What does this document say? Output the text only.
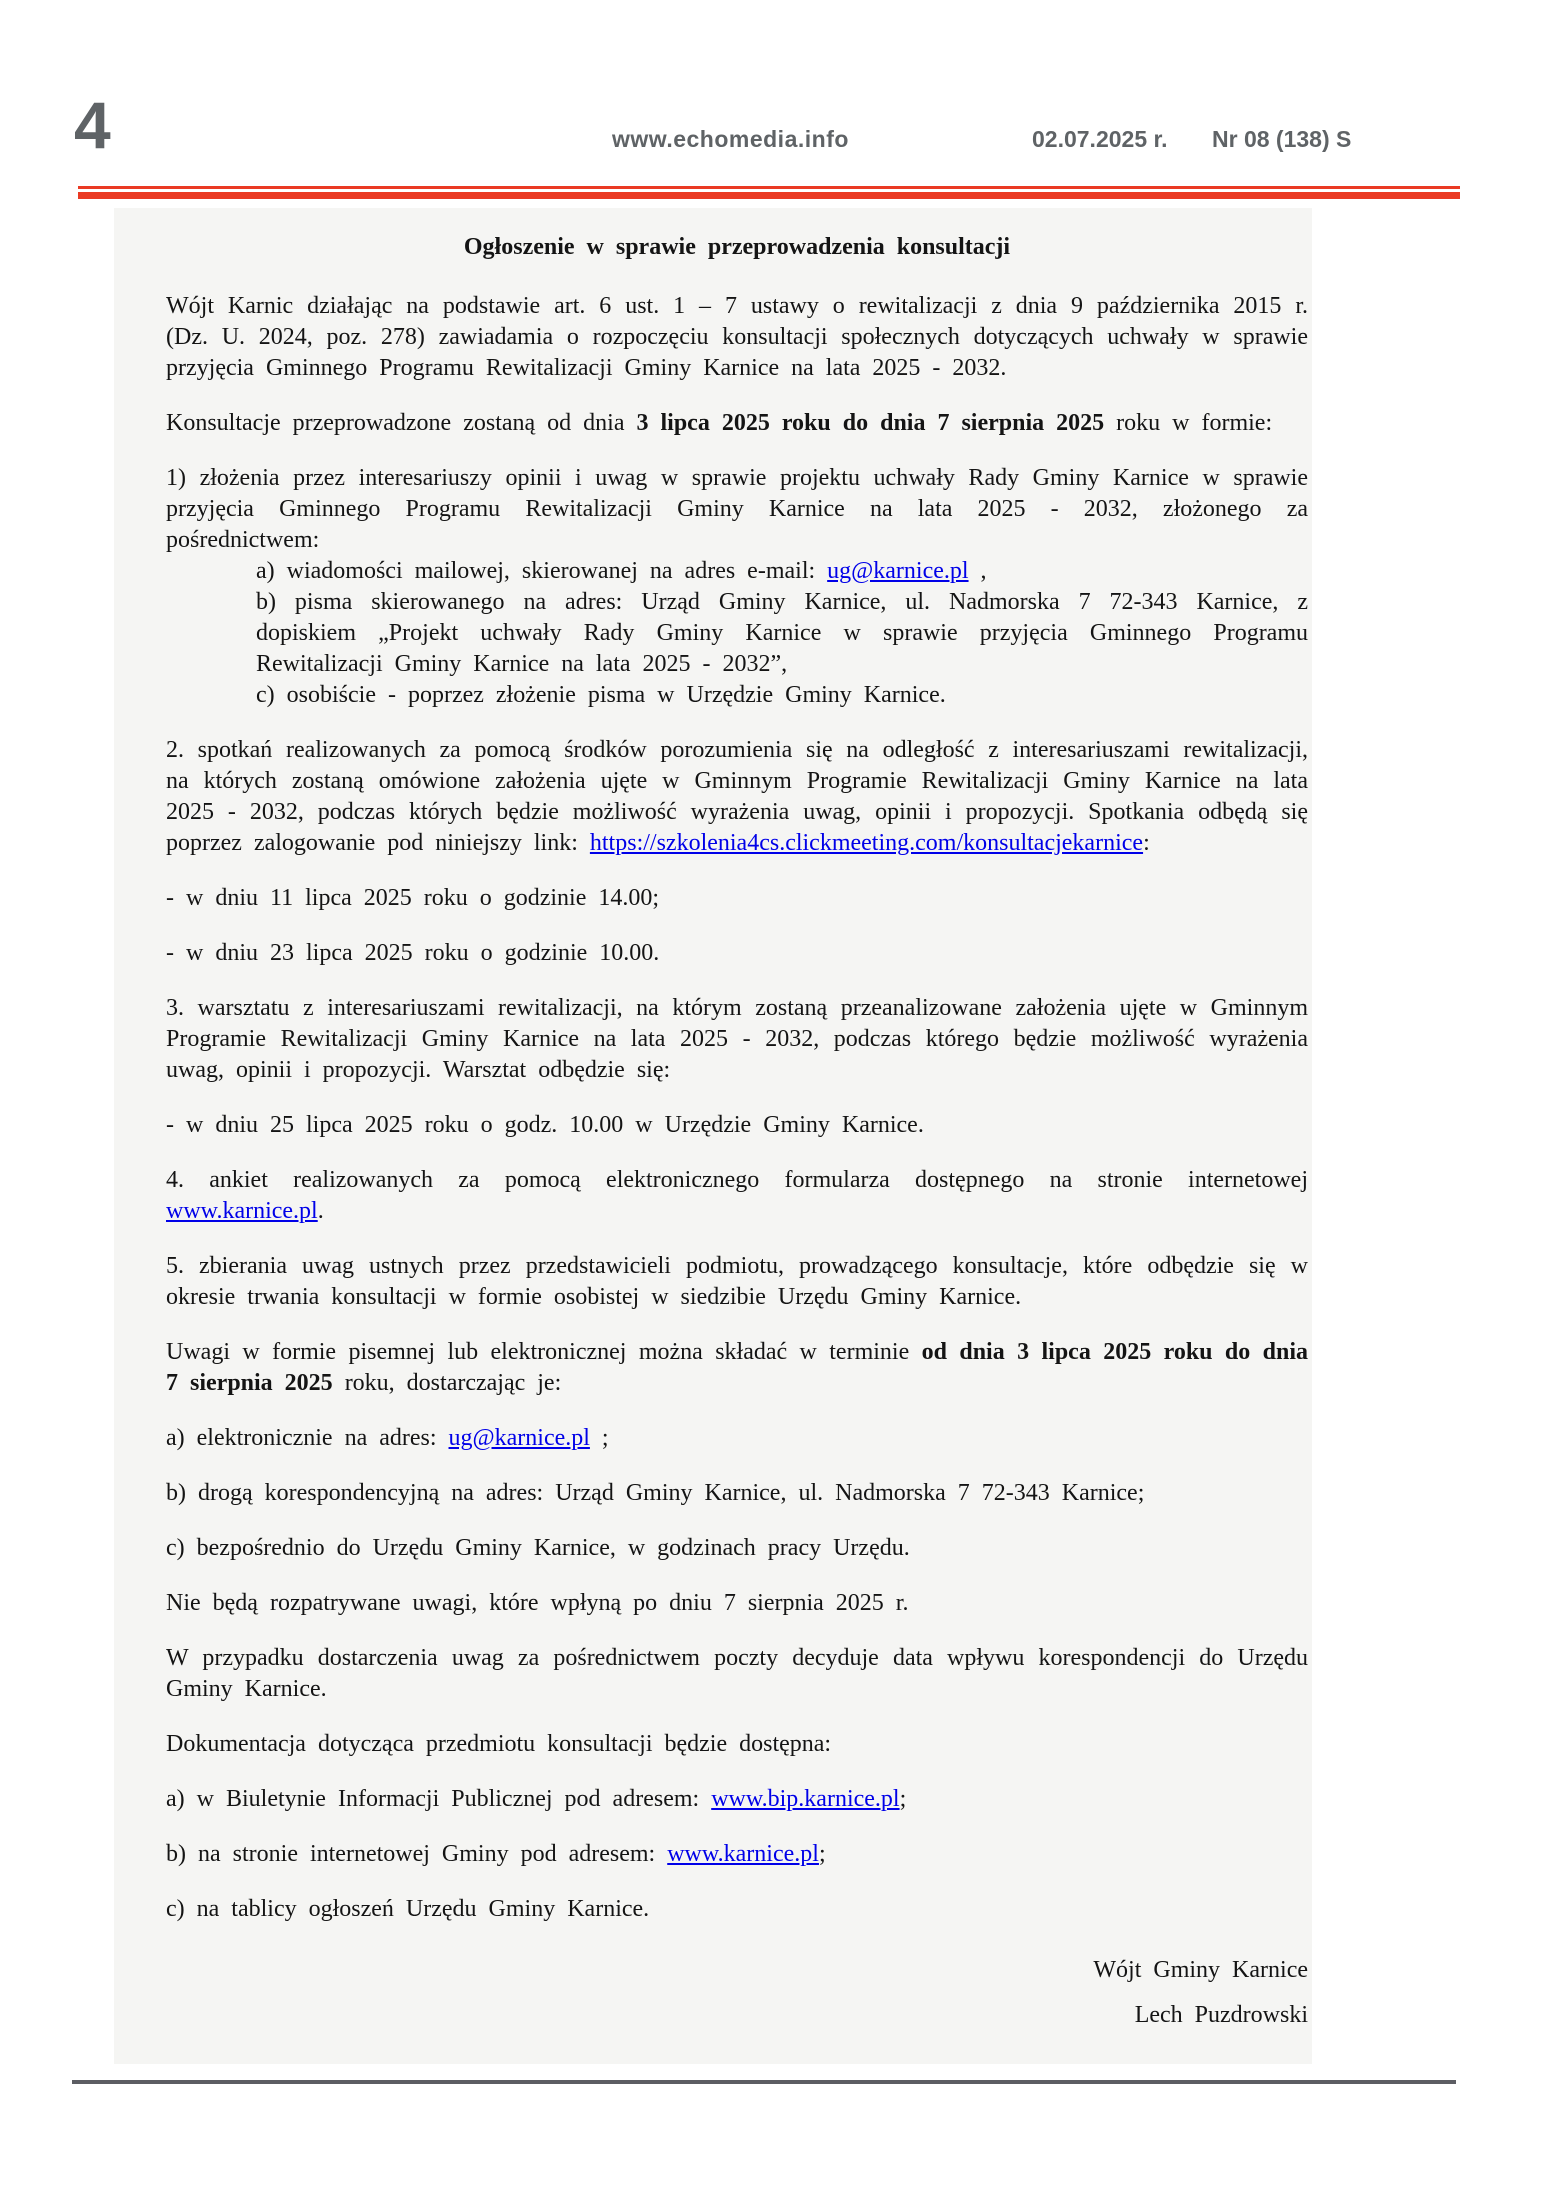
4	www.echomedia.info	02.07.2025 r. Nr 08 (138) S

Ogłoszenie w sprawie przeprowadzenia konsultacji

Wójt Karnic działając na podstawie art. 6 ust. 1 – 7 ustawy o rewitalizacji z dnia 9 października 2015 r. (Dz. U. 2024, poz. 278) zawiadamia o rozpoczęciu konsultacji społecznych dotyczących uchwały w sprawie przyjęcia Gminnego Programu Rewitalizacji Gminy Karnice na lata 2025 - 2032.

Konsultacje przeprowadzone zostaną od dnia 3 lipca 2025 roku do dnia 7 sierpnia 2025 roku w formie:

1) złożenia przez interesariuszy opinii i uwag w sprawie projektu uchwały Rady Gminy Karnice w sprawie przyjęcia Gminnego Programu Rewitalizacji Gminy Karnice na lata 2025 - 2032, złożonego za pośrednictwem:

a) wiadomości mailowej, skierowanej na adres e-mail: ug@karnice.pl ,

b) pisma skierowanego na adres: Urząd Gminy Karnice, ul. Nadmorska 7 72-343 Karnice, z dopiskiem „Projekt uchwały Rady Gminy Karnice w sprawie przyjęcia Gminnego Programu Rewitalizacji Gminy Karnice na lata 2025 - 2032”,

c) osobiście - poprzez złożenie pisma w Urzędzie Gminy Karnice.

2. spotkań realizowanych za pomocą środków porozumienia się na odległość z interesariuszami rewitalizacji, na których zostaną omówione założenia ujęte w Gminnym Programie Rewitalizacji Gminy Karnice na lata 2025 - 2032, podczas których będzie możliwość wyrażenia uwag, opinii i propozycji. Spotkania odbędą się poprzez zalogowanie pod niniejszy link: https://szkolenia4cs.clickmeeting.com/konsultacjekarnice:

- w dniu 11 lipca 2025 roku o godzinie 14.00;

- w dniu 23 lipca 2025 roku o godzinie 10.00.

3. warsztatu z interesariuszami rewitalizacji, na którym zostaną przeanalizowane założenia ujęte w Gminnym Programie Rewitalizacji Gminy Karnice na lata 2025 - 2032, podczas którego będzie możliwość wyrażenia uwag, opinii i propozycji. Warsztat odbędzie się:

- w dniu 25 lipca 2025 roku o godz. 10.00 w Urzędzie Gminy Karnice.

4. ankiet realizowanych za pomocą elektronicznego formularza dostępnego na stronie internetowej www.karnice.pl.

5. zbierania uwag ustnych przez przedstawicieli podmiotu, prowadzącego konsultacje, które odbędzie się w okresie trwania konsultacji w formie osobistej w siedzibie Urzędu Gminy Karnice.

Uwagi w formie pisemnej lub elektronicznej można składać w terminie od dnia 3 lipca 2025 roku do dnia 7 sierpnia 2025 roku, dostarczając je:

a) elektronicznie na adres: ug@karnice.pl ;

b) drogą korespondencyjną na adres: Urząd Gminy Karnice, ul. Nadmorska 7 72-343 Karnice;

c) bezpośrednio do Urzędu Gminy Karnice, w godzinach pracy Urzędu.

Nie będą rozpatrywane uwagi, które wpłyną po dniu 7 sierpnia 2025 r.

W przypadku dostarczenia uwag za pośrednictwem poczty decyduje data wpływu korespondencji do Urzędu Gminy Karnice.

Dokumentacja dotycząca przedmiotu konsultacji będzie dostępna:

a) w Biuletynie Informacji Publicznej pod adresem: www.bip.karnice.pl;

b) na stronie internetowej Gminy pod adresem: www.karnice.pl;

c) na tablicy ogłoszeń Urzędu Gminy Karnice.

Wójt Gminy Karnice

Lech Puzdrowski
